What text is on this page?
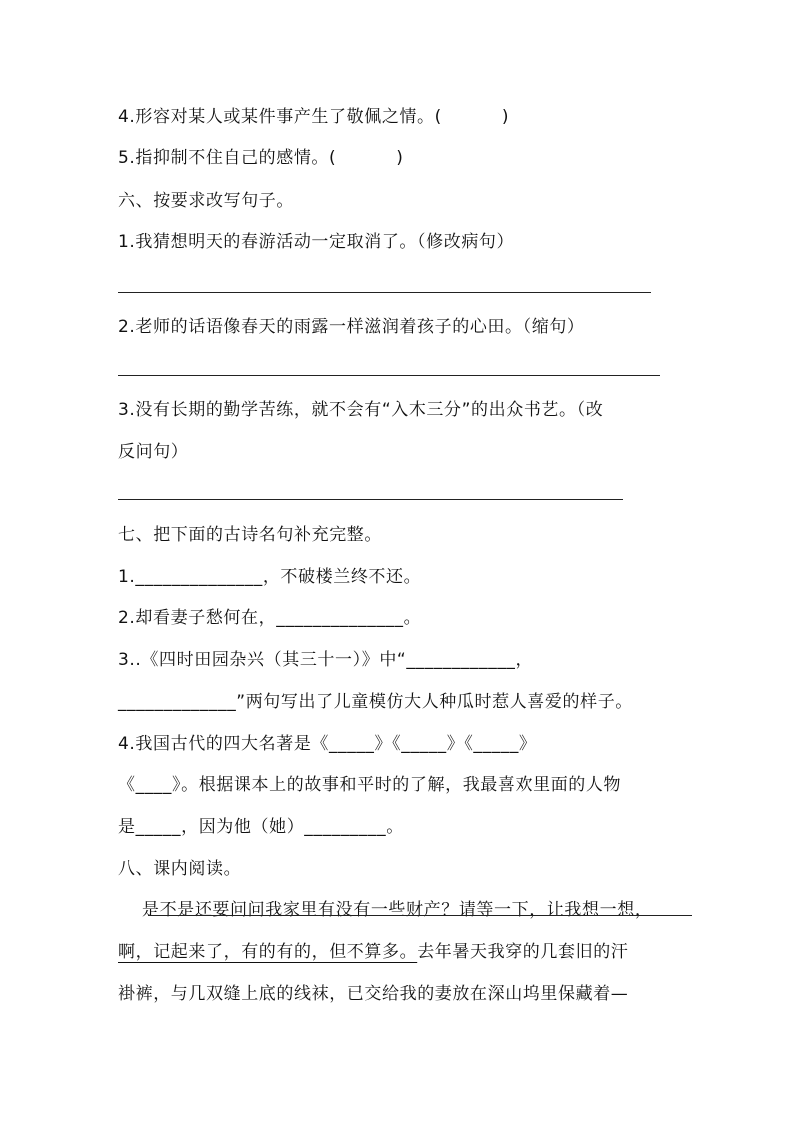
4.形容对某人或某件事产生了敬佩之情。(          )
5.指抑制不住自己的感情。(          )
六、按要求改写句子。
1.我猜想明天的春游活动一定取消了。（修改病句）
2.老师的话语像春天的雨露一样滋润着孩子的心田。（缩句）
3.没有长期的勤学苦练，就不会有“入木三分”的出众书艺。（改
反问句）
七、把下面的古诗名句补充完整。
1.______________，不破楼兰终不还。
2.却看妻子愁何在，______________。
3..《四时田园杂兴（其三十一）》中“____________，
_____________”两句写出了儿童模仿大人种瓜时惹人喜爱的样子。
4.我国古代的四大名著是《_____》《_____》《_____》
《____》。根据课本上的故事和平时的了解，我最喜欢里面的人物
是_____，因为他（她）_________。
八、课内阅读。
是不是还要问问我家里有没有一些财产？请等一下，让我想一想，
啊，记起来了，有的有的，但不算多。去年暑天我穿的几套旧的汗
褂裤，与几双缝上底的线袜，已交给我的妻放在深山坞里保藏着—
